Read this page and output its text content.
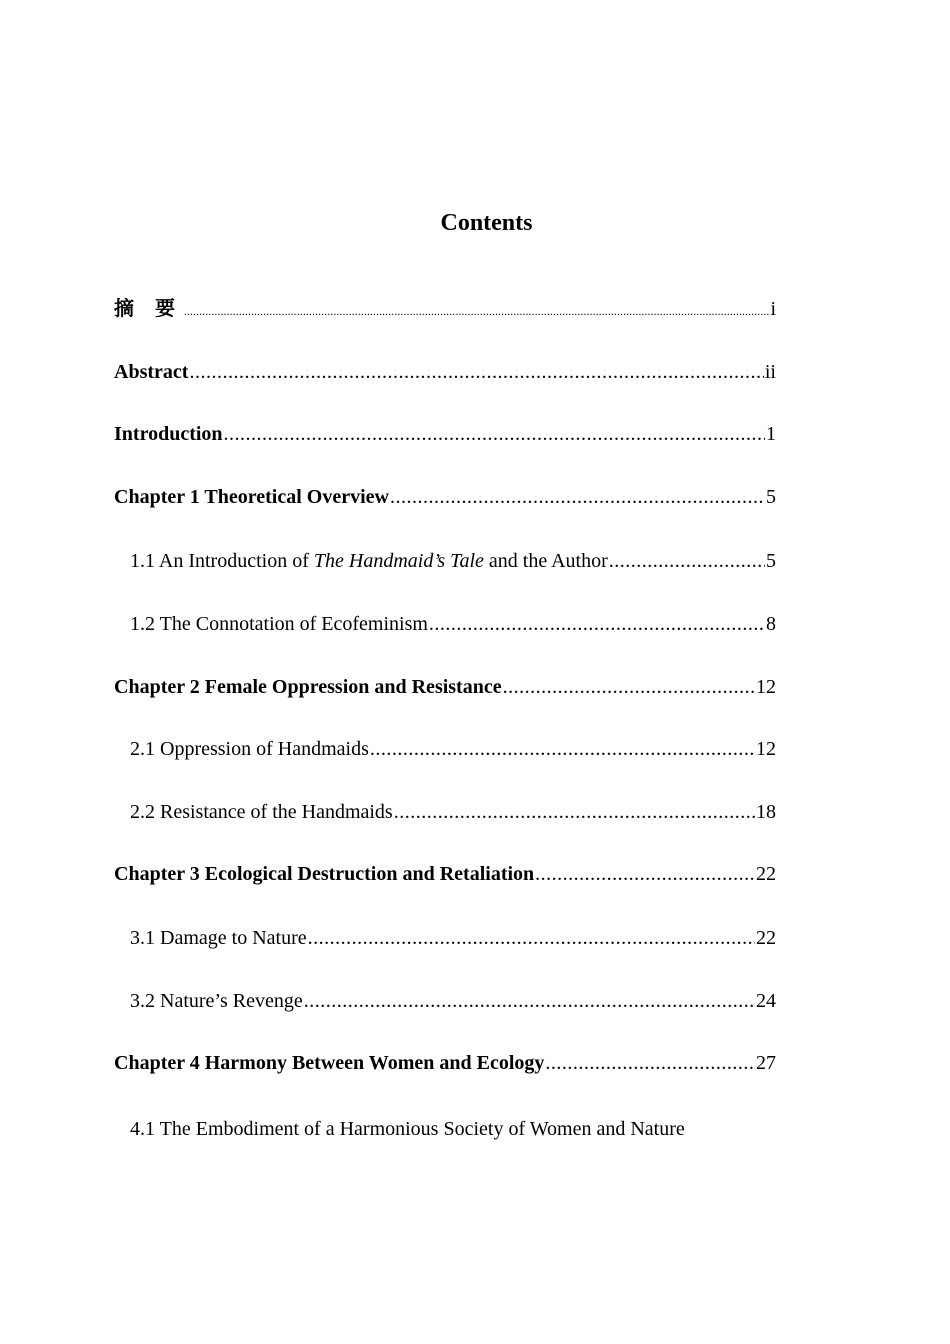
Contents
摘 要 .....	i
Abstract .....	ii
Introduction .....	1
Chapter 1 Theoretical Overview .....	5
1.1 An Introduction of The Handmaid’s Tale and the Author .....	5
1.2 The Connotation of Ecofeminism .....	8
Chapter 2 Female Oppression and Resistance .....	12
2.1 Oppression of Handmaids .....	12
2.2 Resistance of the Handmaids .....	18
Chapter 3 Ecological Destruction and Retaliation .....	22
3.1 Damage to Nature .....	22
3.2 Nature’s Revenge .....	24
Chapter 4 Harmony Between Women and Ecology .....	27
4.1 The Embodiment of a Harmonious Society of Women and Nature
